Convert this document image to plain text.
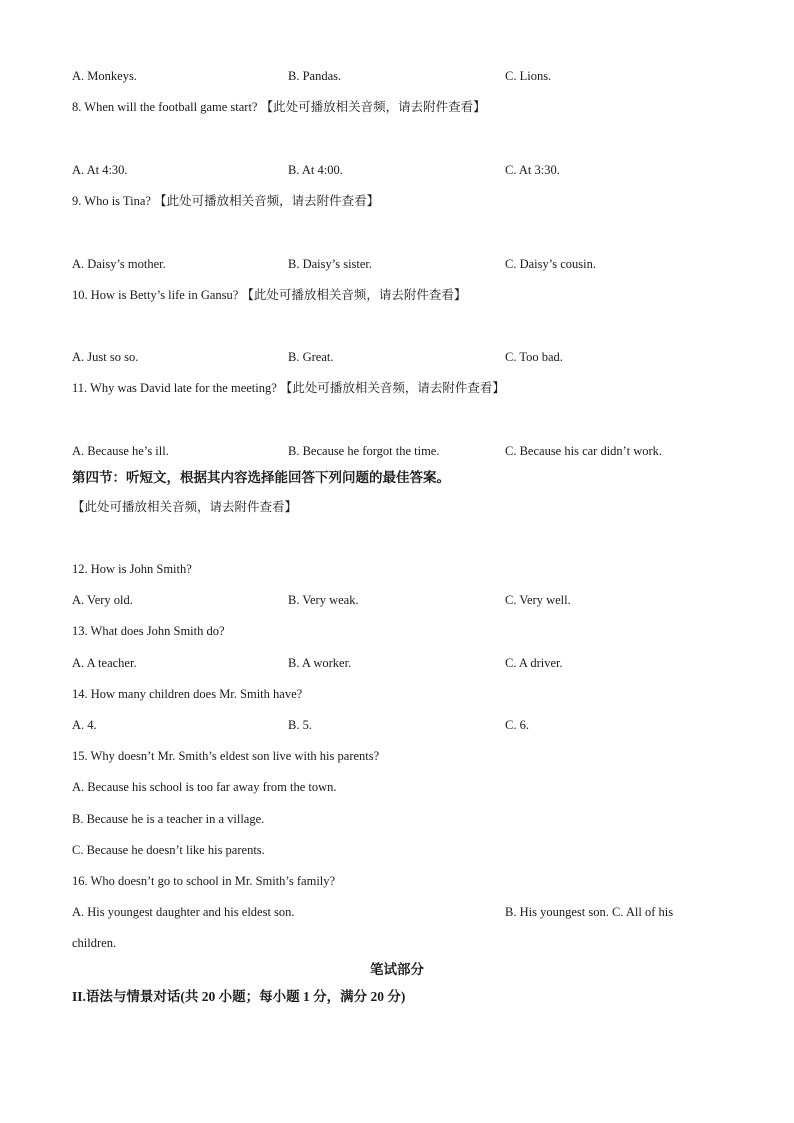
A. Monkeys.	B. Pandas.	C. Lions.
8. When will the football game start? 【此处可播放相关音频，请去附件查看】
A. At 4:30.	B. At 4:00.	C. At 3:30.
9. Who is Tina? 【此处可播放相关音频，请去附件查看】
A. Daisy’s mother.	B. Daisy’s sister.	C. Daisy’s cousin.
10. How is Betty’s life in Gansu? 【此处可播放相关音频，请去附件查看】
A. Just so so.	B. Great.	C. Too bad.
11. Why was David late for the meeting? 【此处可播放相关音频，请去附件查看】
A. Because he’s ill.	B. Because he forgot the time.	C. Because his car didn’t work.
第四节：听短文，根据其内容选择能回答下列问题的最佳答案。
【此处可播放相关音频，请去附件查看】
12. How is John Smith?
A. Very old.	B. Very weak.	C. Very well.
13. What does John Smith do?
A. A teacher.	B. A worker.	C. A driver.
14. How many children does Mr. Smith have?
A. 4.	B. 5.	C. 6.
15. Why doesn’t Mr. Smith’s eldest son live with his parents?
A. Because his school is too far away from the town.
B. Because he is a teacher in a village.
C. Because he doesn’t like his parents.
16. Who doesn’t go to school in Mr. Smith’s family?
A. His youngest daughter and his eldest son.	B. His youngest son. C. All of his
children.
笔试部分
II.语法与情景对话(共 20 小题；每小题 1 分，满分 20 分)
